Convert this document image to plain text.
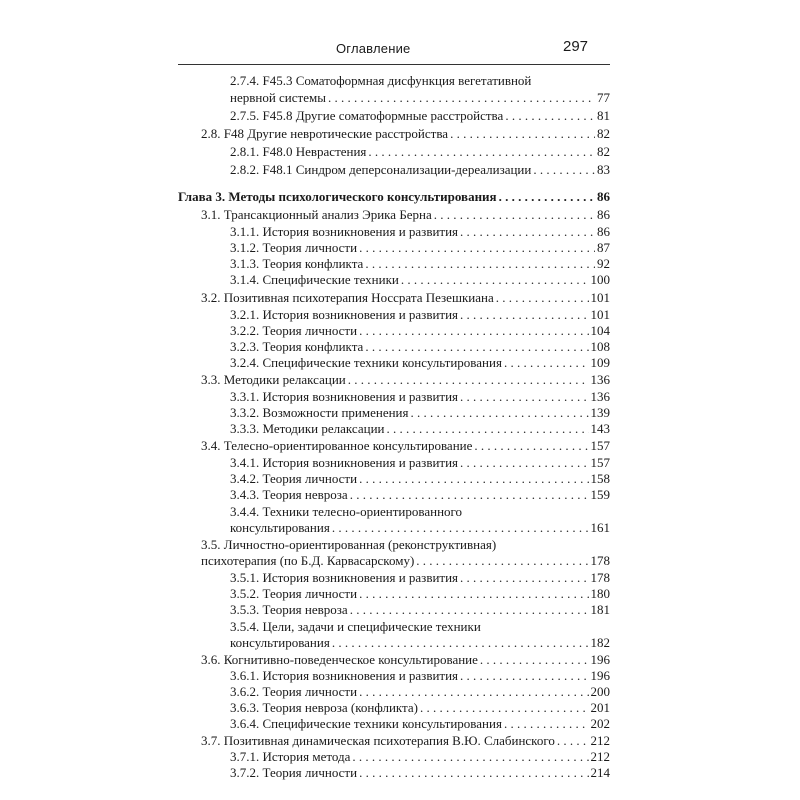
Оглавление	297
2.7.4. F45.3 Соматоформная дисфункция вегетативной
нервной системы . . .	77
2.7.5. F45.8 Другие соматоформные расстройства . . .	81
2.8. F48 Другие невротические расстройства . . .	82
2.8.1. F48.0 Неврастения . . .	82
2.8.2. F48.1 Синдром деперсонализации-дереализации . . .	83
Глава 3. Методы психологического консультирования . . .	86
3.1. Трансакционный анализ Эрика Берна . . .	86
3.1.1. История возникновения и развития . . .	86
3.1.2. Теория личности . . .	87
3.1.3. Теория конфликта . . .	92
3.1.4. Специфические техники . . .	100
3.2. Позитивная психотерапия Носсрата Пезешкиана . . .	101
3.2.1. История возникновения и развития . . .	101
3.2.2. Теория личности . . .	104
3.2.3. Теория конфликта . . .	108
3.2.4. Специфические техники консультирования . . .	109
3.3. Методики релаксации . . .	136
3.3.1. История возникновения и развития . . .	136
3.3.2. Возможности применения . . .	139
3.3.3. Методики релаксации . . .	143
3.4. Телесно-ориентированное консультирование . . .	157
3.4.1. История возникновения и развития . . .	157
3.4.2. Теория личности . . .	158
3.4.3. Теория невроза . . .	159
3.4.4. Техники телесно-ориентированного
консультирования . . .	161
3.5. Личностно-ориентированная (реконструктивная)
психотерапия (по Б.Д. Карвасарскому) . . .	178
3.5.1. История возникновения и развития . . .	178
3.5.2. Теория личности . . .	180
3.5.3. Теория невроза . . .	181
3.5.4. Цели, задачи и специфические техники
консультирования . . .	182
3.6. Когнитивно-поведенческое консультирование . . .	196
3.6.1. История возникновения и развития . . .	196
3.6.2. Теория личности . . .	200
3.6.3. Теория невроза (конфликта) . . .	201
3.6.4. Специфические техники консультирования . . .	202
3.7. Позитивная динамическая психотерапия В.Ю. Слабинского . . .	212
3.7.1. История метода . . .	212
3.7.2. Теория личности . . .	214
